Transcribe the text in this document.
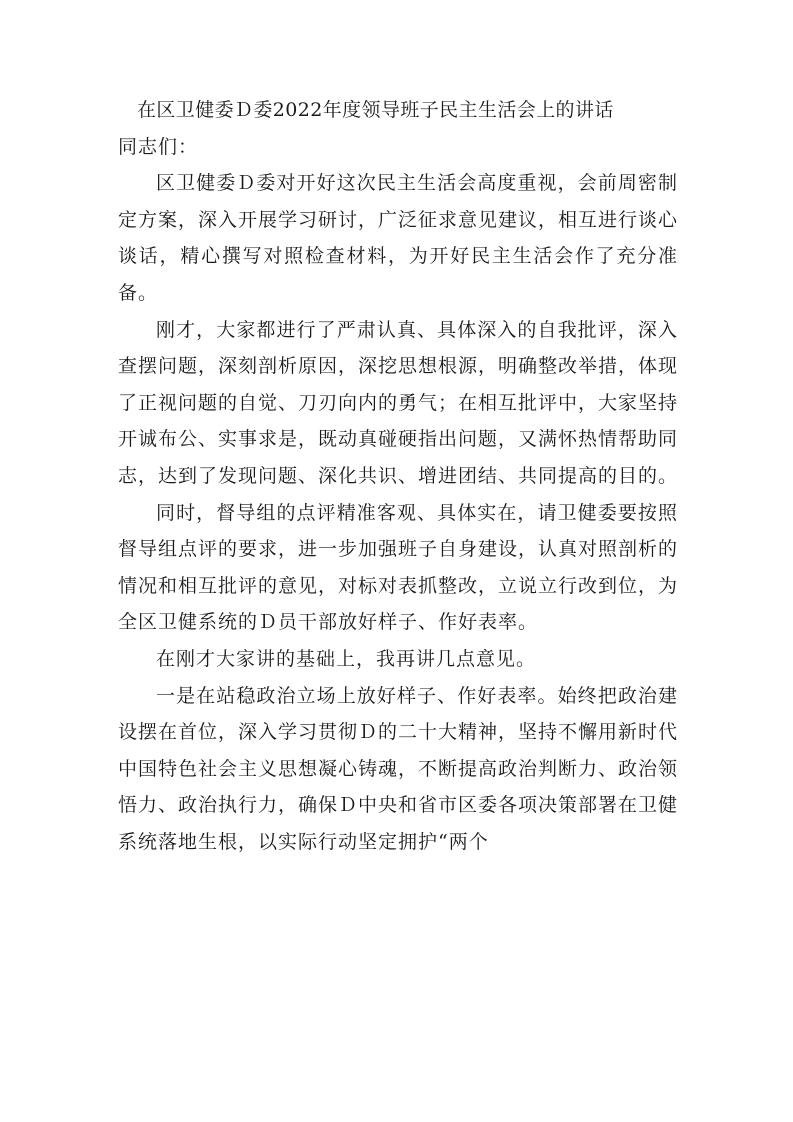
在区卫健委Ｄ委2022年度领导班子民主生活会上的讲话

同志们：

区卫健委Ｄ委对开好这次民主生活会高度重视，会前周密制定方案，深入开展学习研讨，广泛征求意见建议，相互进行谈心谈话，精心撰写对照检查材料，为开好民主生活会作了充分准备。

刚才，大家都进行了严肃认真、具体深入的自我批评，深入查摆问题，深刻剖析原因，深挖思想根源，明确整改举措，体现了正视问题的自觉、刀刃向内的勇气；在相互批评中，大家坚持开诚布公、实事求是，既动真碰硬指出问题，又满怀热情帮助同志，达到了发现问题、深化共识、增进团结、共同提高的目的。

同时，督导组的点评精准客观、具体实在，请卫健委要按照督导组点评的要求，进一步加强班子自身建设，认真对照剖析的情况和相互批评的意见，对标对表抓整改，立说立行改到位，为全区卫健系统的Ｄ员干部放好样子、作好表率。

在刚才大家讲的基础上，我再讲几点意见。

一是在站稳政治立场上放好样子、作好表率。始终把政治建设摆在首位，深入学习贯彻Ｄ的二十大精神，坚持不懈用新时代中国特色社会主义思想凝心铸魂，不断提高政治判断力、政治领悟力、政治执行力，确保Ｄ中央和省市区委各项决策部署在卫健系统落地生根，以实际行动坚定拥护“两个
